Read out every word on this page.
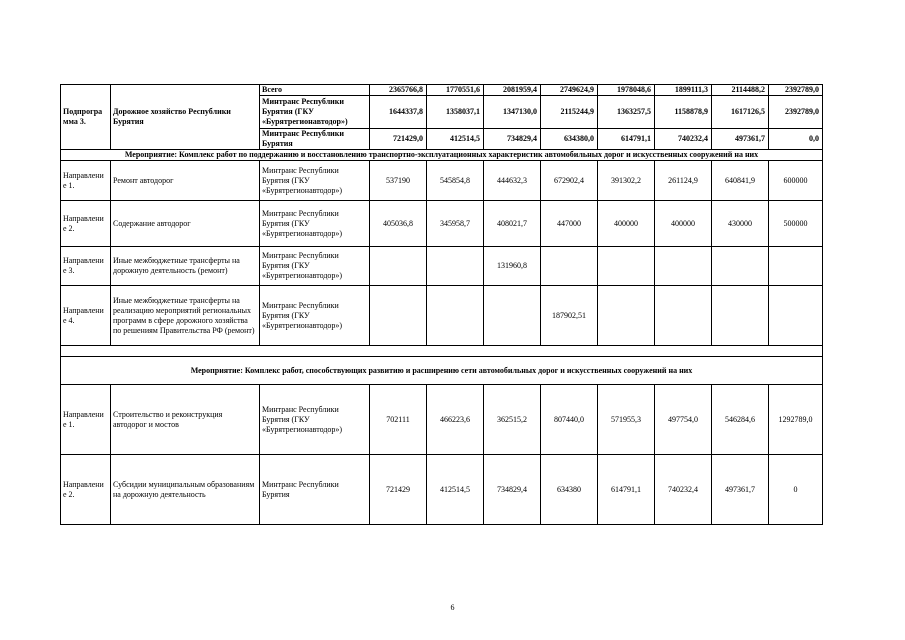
Подпрогра мма 3.	Дорожное хозяйство Республики Бурятия	Всего	2365766,8	1770551,6	2081959,4	2749624,9	1978048,6	1899111,3	2114488,2	2392789,0
		Минтранс Республики Бурятия (ГКУ «Бурятрегионавтодор»)	1644337,8	1358037,1	1347130,0	2115244,9	1363257,5	1158878,9	1617126,5	2392789,0
		Минтранс Республики Бурятия	721429,0	412514,5	734829,4	634380,0	614791,1	740232,4	497361,7	0,0
Мероприятие: Комплекс работ по поддержанию и восстановлению транспортно-эксплуатационных характеристик автомобильных дорог и искусственных сооружений на них										
Направлени е 1.	Ремонт автодорог	Минтранс Республики Бурятия (ГКУ «Бурятрегионавтодор»)	537190	545854,8	444632,3	672902,4	391302,2	261124,9	640841,9	600000
Направлени е 2.	Содержание автодорог	Минтранс Республики Бурятия (ГКУ «Бурятрегионавтодор»)	405036,8	345958,7	408021,7	447000	400000	400000	430000	500000
Направлени е 3.	Иные межбюджетные трансферты на дорожную деятельность (ремонт)	Минтранс Республики Бурятия (ГКУ «Бурятрегионавтодор»)			131960,8					
Направлени е 4.	Иные межбюджетные трансферты на реализацию мероприятий региональных программ в сфере дорожного хозяйства по решениям Правительства РФ (ремонт)	Минтранс Республики Бурятия (ГКУ «Бурятрегионавтодор»)				187902,51				

Мероприятие: Комплекс работ, способствующих развитию и расширению сети автомобильных дорог и искусственных сооружений на них										
Направлени е 1.	Строительство и реконструкция автодорог и мостов	Минтранс Республики Бурятия (ГКУ «Бурятрегионавтодор»)	702111	466223,6	362515,2	807440,0	571955,3	497754,0	546284,6	1292789,0
Направлени е 2.	Субсидии муниципальным образованиям на дорожную деятельность	Минтранс Республики Бурятия	721429	412514,5	734829,4	634380	614791,1	740232,4	497361,7	0
6
